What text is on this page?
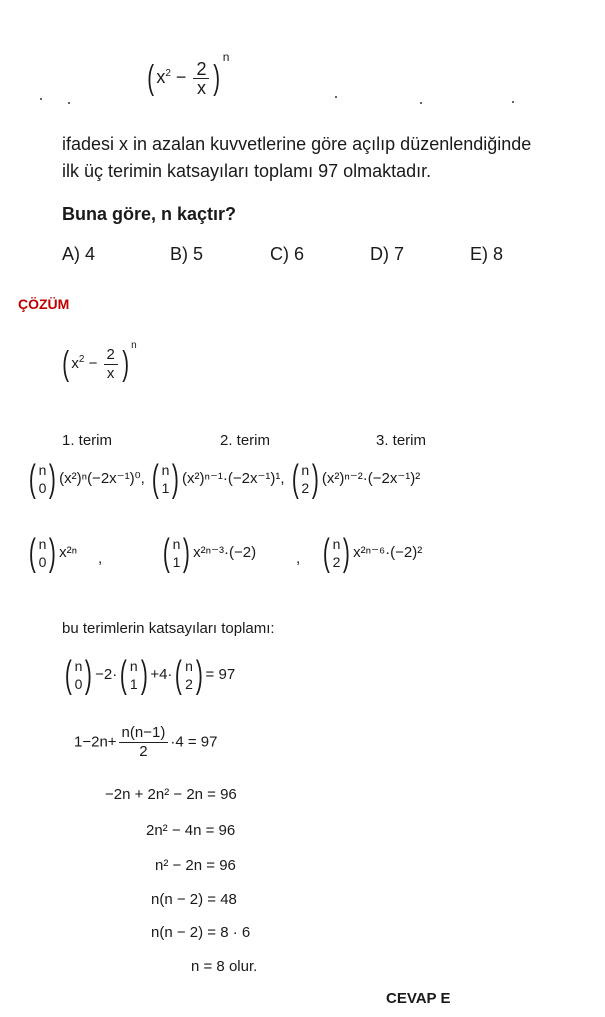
( $x^2 - \frac{2}{x} )^n$
ifadesi x in azalan kuvvetlerine göre açılıp düzenlendiğinde
ilk üç terimin katsayıları toplamı 97 olmaktadır.
Buna göre, n kaçtır?
A) 4	B) 5	C) 6	D) 7	E) 8
ÇÖZÜM
( $x^2 - \frac{2}{x}$ ) $^n$
1. terim	2. terim	3. terim
( n
0 ) (x²)ⁿ(−2x⁻¹)⁰, ( n
1 ) (x²)ⁿ⁻¹·(−2x⁻¹)¹, ( n
2 ) (x²)ⁿ⁻²·(−2x⁻¹)²
( n
0 ) x²ⁿ , ( n
1 ) x²ⁿ⁻³·(−2)	, ( n
2 ) x²ⁿ⁻⁶·(−2)²
bu terimlerin katsayıları toplamı:
( n
0 ) −2· ( n
1 ) +4· ( n
2 ) = 97
$1-2n+ \frac{n(n-1)}{2} \cdot 4 = 97$
−2n + 2n² − 2n = 96
2n² − 4n = 96
n² − 2n = 96
n(n − 2) = 48
n(n − 2) = 8 · 6
n = 8 olur.
CEVAP E
